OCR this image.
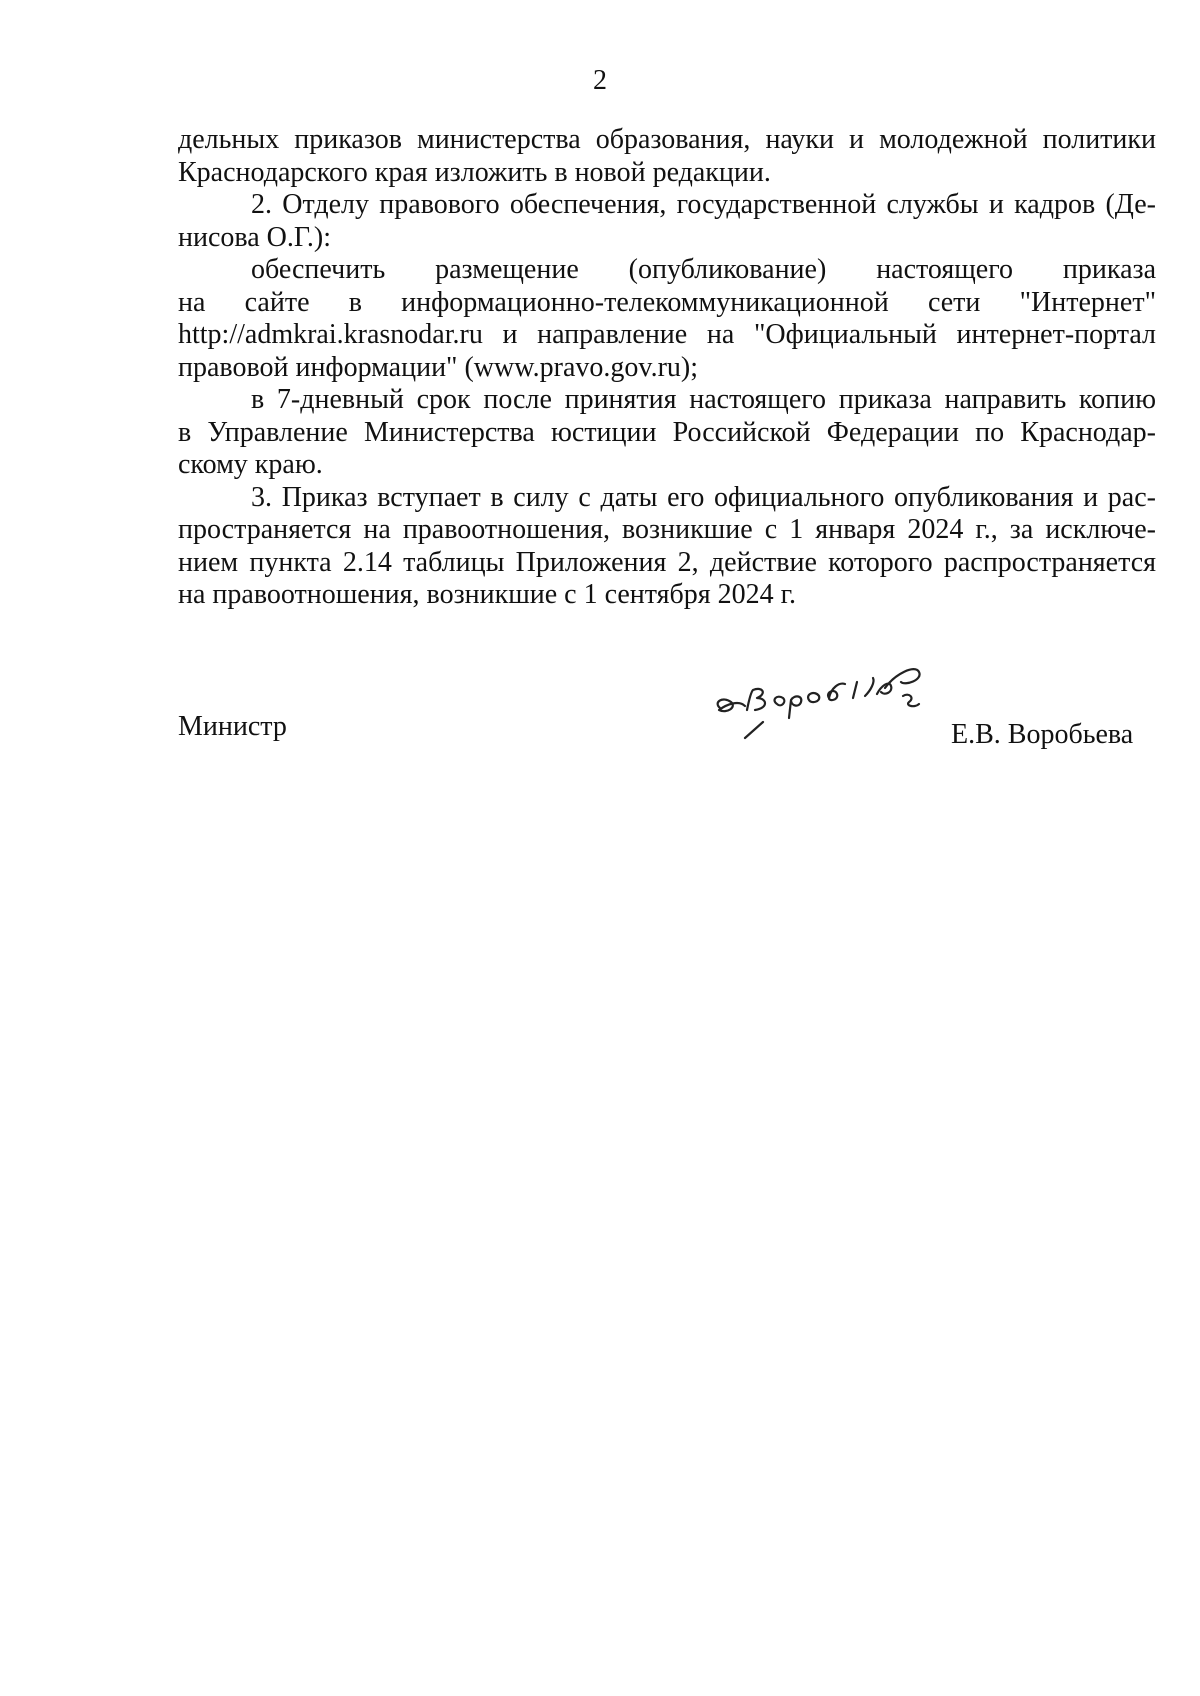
2

дельных приказов министерства образования, науки и молодежной политики
Краснодарского края изложить в новой редакции.

2. Отделу правового обеспечения, государственной службы и кадров (Де-
нисова О.Г.):

обеспечить размещение (опубликование) настоящего приказа
на сайте в информационно-телекоммуникационной сети "Интернет"
http://admkrai.krasnodar.ru и направление на "Официальный интернет-портал
правовой информации" (www.pravo.gov.ru);

в 7-дневный срок после принятия настоящего приказа направить копию
в Управление Министерства юстиции Российской Федерации по Краснодар-
скому краю.

3. Приказ вступает в силу с даты его официального опубликования и рас-
пространяется на правоотношения, возникшие с 1 января 2024 г., за исключе-
нием пункта 2.14 таблицы Приложения 2, действие которого распространяется
на правоотношения, возникшие с 1 сентября 2024 г.

Министр	Е.В. Воробьева
